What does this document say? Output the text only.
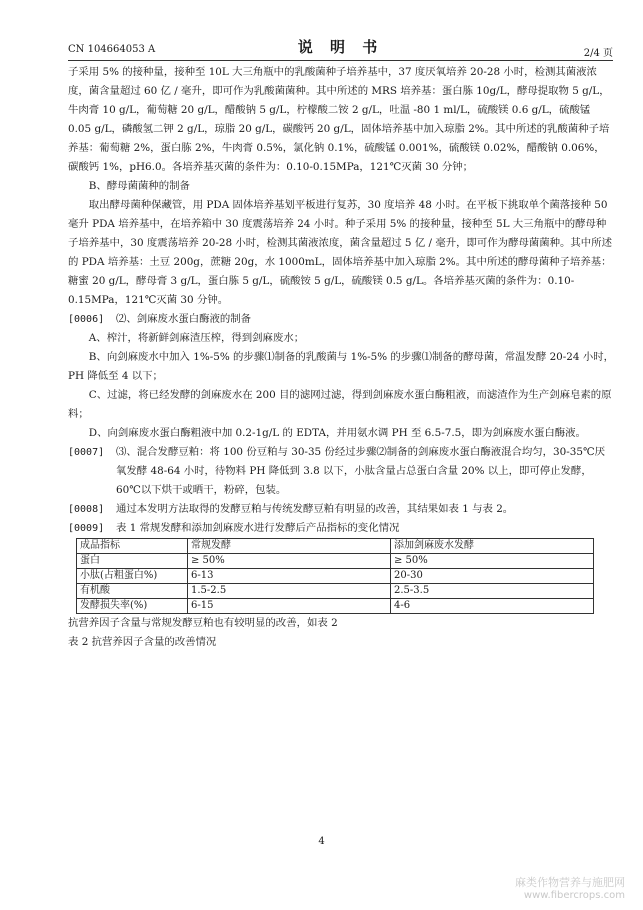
CN 104664053 A	说 明 书	2/4 页

子采用 5% 的接种量，接种至 10L 大三角瓶中的乳酸菌种子培养基中，37 度厌氧培养 20-28 小时，检测其菌液浓度，菌含量超过 60 亿 / 毫升，即可作为乳酸菌菌种。其中所述的 MRS 培养基：蛋白胨 10g/L，酵母提取物 5 g/L，牛肉膏 10 g/L，葡萄糖 20 g/L，醋酸钠 5 g/L，柠檬酸二铵 2 g/L，吐温 -80 1 ml/L，硫酸镁 0.6 g/L，硫酸锰 0.05 g/L，磷酸氢二钾 2 g/L，琼脂 20 g/L，碳酸钙 20 g/L，固体培养基中加入琼脂 2%。其中所述的乳酸菌种子培养基：葡萄糖 2%，蛋白胨 2%，牛肉膏 0.5%，氯化钠 0.1%，硫酸锰 0.001%，硫酸镁 0.02%，醋酸钠 0.06%，碳酸钙 1%，pH6.0。各培养基灭菌的条件为：0.10-0.15MPa，121℃灭菌 30 分钟；

B、酵母菌菌种的制备

取出酵母菌种保藏管，用 PDA 固体培养基划平板进行复苏，30 度培养 48 小时。在平板下挑取单个菌落接种 50 毫升 PDA 培养基中，在培养箱中 30 度震荡培养 24 小时。种子采用 5% 的接种量，接种至 5L 大三角瓶中的酵母种子培养基中，30 度震荡培养 20-28 小时，检测其菌液浓度，菌含量超过 5 亿 / 毫升，即可作为酵母菌菌种。其中所述的 PDA 培养基：土豆 200g，蔗糖 20g，水 1000mL，固体培养基中加入琼脂 2%。其中所述的酵母菌种子培养基：糖蜜 20 g/L，酵母膏 3 g/L，蛋白胨 5 g/L，硫酸铵 5 g/L，硫酸镁 0.5 g/L。各培养基灭菌的条件为：0.10-0.15MPa，121℃灭菌 30 分钟。

[0006]	⑵、剑麻废水蛋白酶液的制备

A、榨汁，将新鲜剑麻渣压榨，得到剑麻废水；

B、向剑麻废水中加入 1%-5% 的步骤⑴制备的乳酸菌与 1%-5% 的步骤⑴制备的酵母菌，常温发酵 20-24 小时，PH 降低至 4 以下；

C、过滤，将已经发酵的剑麻废水在 200 目的滤网过滤，得到剑麻废水蛋白酶粗液，而滤渣作为生产剑麻皂素的原料；

D、向剑麻废水蛋白酶粗液中加 0.2-1g/L 的 EDTA，并用氨水调 PH 至 6.5-7.5，即为剑麻废水蛋白酶液。

[0007]	⑶、混合发酵豆粕：将 100 份豆粕与 30-35 份经过步骤⑵制备的剑麻废水蛋白酶液混合均匀，30-35℃厌氧发酵 48-64 小时，待物料 PH 降低到 3.8 以下，小肽含量占总蛋白含量 20% 以上，即可停止发酵，60℃以下烘干或晒干，粉碎，包装。
[0008]	通过本发明方法取得的发酵豆粕与传统发酵豆粕有明显的改善，其结果如表 1 与表 2。
[0009]	表 1 常规发酵和添加剑麻废水进行发酵后产品指标的变化情况
成品指标	常规发酵	添加剑麻废水发酵
蛋白	≥ 50%	≥ 50%
小肽(占粗蛋白%)	6-13	20-30
有机酸	1.5-2.5	2.5-3.5
发酵损失率(%)	6-15	4-6

抗营养因子含量与常规发酵豆粕也有较明显的改善，如表 2

表 2 抗营养因子含量的改善情况

4
麻类作物营养与施肥网
www.fibercrops.com
